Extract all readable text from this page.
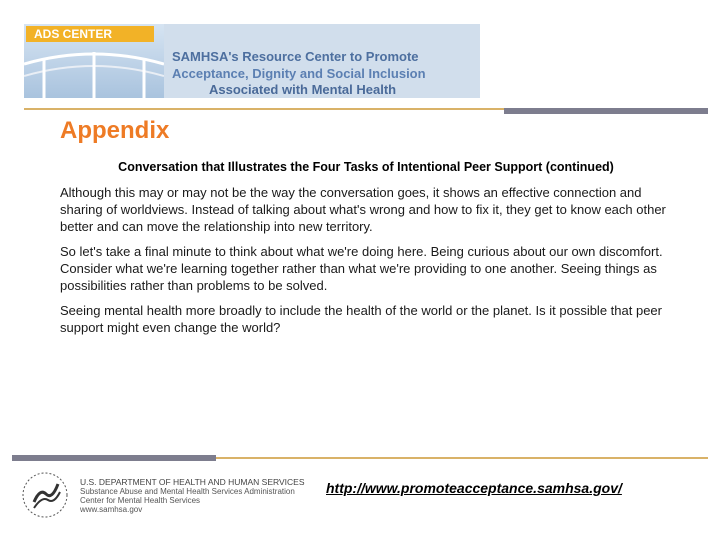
ADS CENTER
SAMHSA's Resource Center to Promote
Acceptance, Dignity and Social Inclusion
Associated with Mental Health
Appendix
Conversation that Illustrates the Four Tasks of Intentional Peer Support (continued)

Although this may or may not be the way the conversation goes, it shows an effective connection and sharing of worldviews. Instead of talking about what's wrong and how to fix it, they get to know each other better and can move the relationship into new territory.

So let's take a final minute to think about what we're doing here. Being curious about our own discomfort. Consider what we're learning together rather than what we're providing to one another. Seeing things as possibilities rather than problems to be solved.

Seeing mental health more broadly to include the health of the world or the planet. Is it possible that peer support might even change the world?

U.S. DEPARTMENT OF HEALTH AND HUMAN SERVICES
Substance Abuse and Mental Health Services Administration
Center for Mental Health Services
www.samhsa.gov
http://www.promoteacceptance.samhsa.gov/
